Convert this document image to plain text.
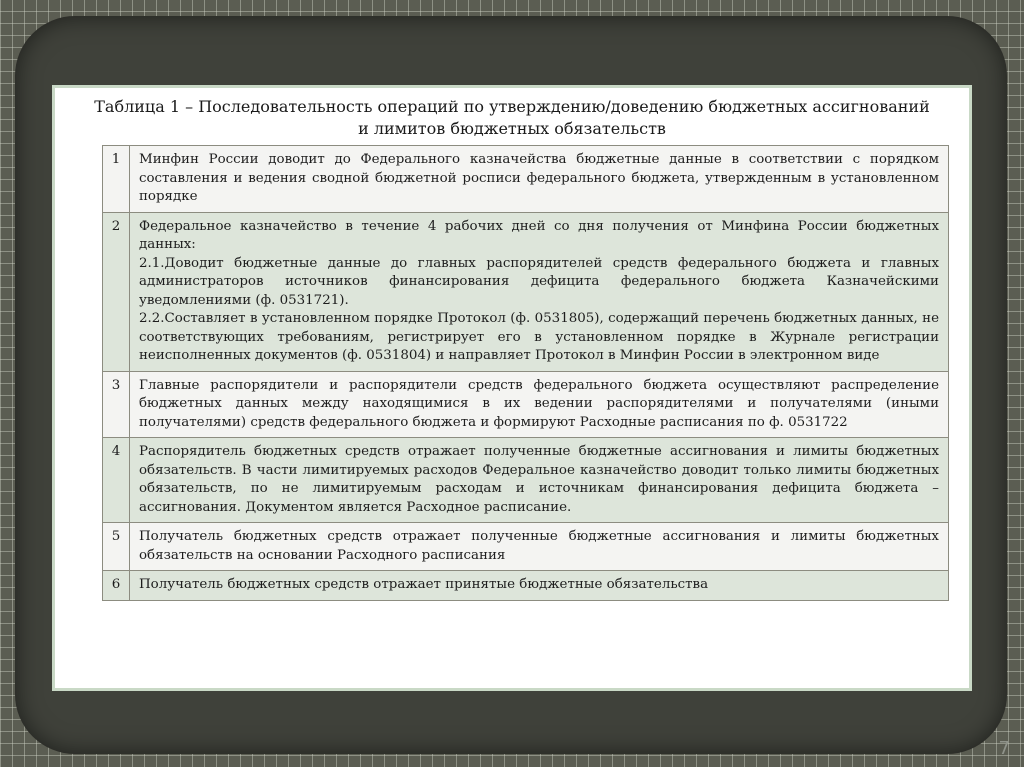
Таблица 1 – Последовательность операций по утверждению/доведению бюджетных ассигнований
и лимитов бюджетных обязательств
1	Минфин России доводит до Федерального казначейства бюджетные данные в соответствии с порядком составления и ведения сводной бюджетной росписи федерального бюджета, утвержденным в установленном порядке

2	Федеральное казначейство в течение 4 рабочих дней со дня получения от Минфина России бюджетных данных:
2.1.Доводит бюджетные данные до главных распорядителей средств федерального бюджета и главных администраторов источников финансирования дефицита федерального бюджета Казначейскими уведомлениями (ф. 0531721).
2.2.Составляет в установленном порядке Протокол (ф. 0531805), содержащий перечень бюджетных данных, не соответствующих требованиям, регистрирует его в установленном порядке в Журнале регистрации неисполненных документов (ф. 0531804) и направляет Протокол в Минфин России в электронном виде

3	Главные распорядители и распорядители средств федерального бюджета осуществляют распределение бюджетных данных между находящимися в их ведении распорядителями и получателями (иными получателями) средств федерального бюджета и формируют Расходные расписания по ф. 0531722

4	Распорядитель бюджетных средств отражает полученные бюджетные ассигнования и лимиты бюджетных обязательств. В части лимитируемых расходов Федеральное казначейство доводит только лимиты бюджетных обязательств, по не лимитируемым расходам и источникам финансирования дефицита бюджета – ассигнования. Документом является Расходное расписание.

5	Получатель бюджетных средств отражает полученные бюджетные ассигнования и лимиты бюджетных обязательств на основании Расходного расписания

6	Получатель бюджетных средств отражает принятые бюджетные обязательства
7
